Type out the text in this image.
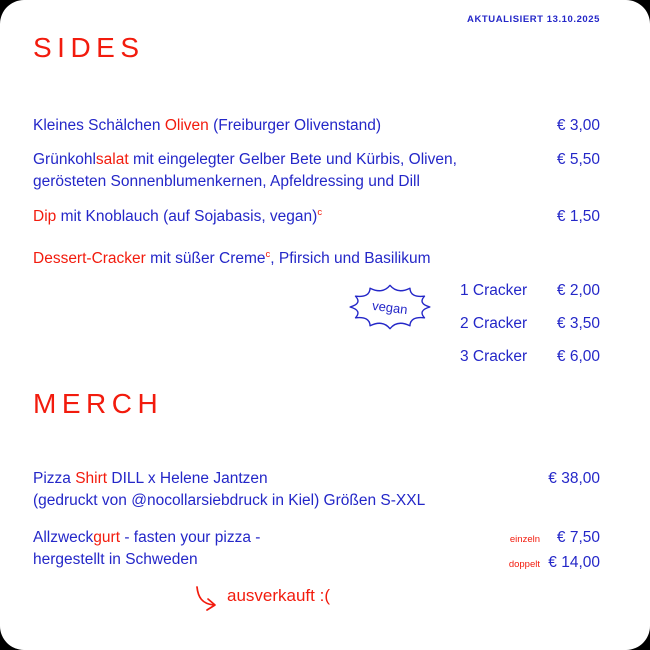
AKTUALISIERT 13.10.2025
SIDES
Kleines Schälchen Oliven (Freiburger Olivenstand)	€ 3,00
Grünkohlsalat mit eingelegter Gelber Bete und Kürbis, Oliven,
gerösteten Sonnenblumenkernen, Apfeldressing und Dill
€ 5,50
Dip mit Knoblauch (auf Sojabasis, vegan)$^c$	€ 1,50
Dessert-Cracker mit süßer Creme$^c$, Pfirsich und Basilikum
1 Cracker € 2,00
2 Cracker € 3,50
3 Cracker € 6,00
vegan
MERCH
Pizza Shirt DILL x Helene Jantzen
(gedruckt von @nocollarsiebdruck in Kiel) Größen S-XXL
€ 38,00
Allzweckgurt - fasten your pizza -
hergestellt in Schweden
einzeln	€ 7,50
doppelt € 14,00
ausverkauft :(
